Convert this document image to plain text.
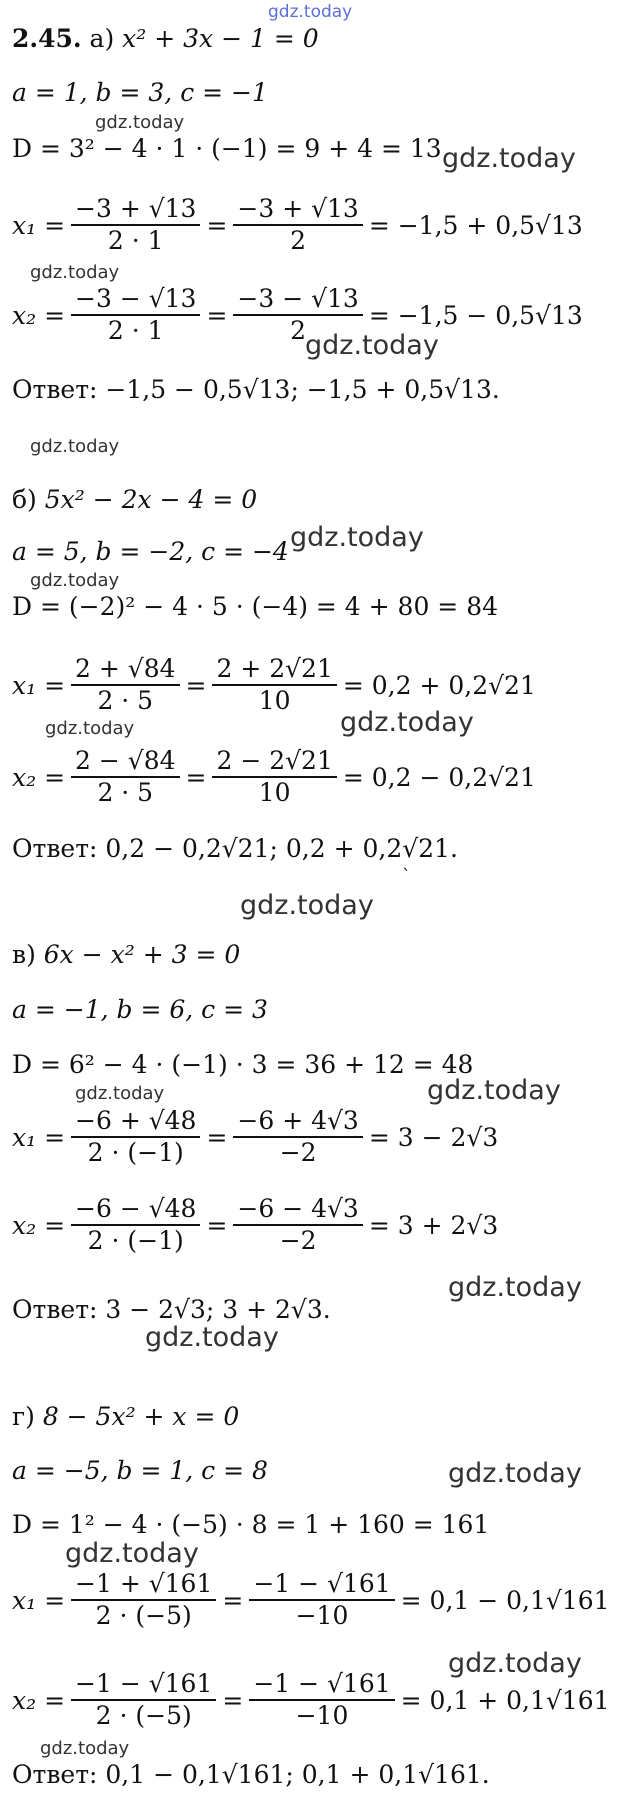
gdz.today
2.45. а) x² + 3x − 1 = 0
a = 1, b = 3, c = −1
gdz.today
D = 3² − 4 · 1 · (−1) = 9 + 4 = 13 gdz.today
$x_1 = \frac{-3 + √13}{2 \cdot 1} = \frac{-3 + √13}{2} = -1,5 + 0,5√13$
gdz.today
$x_2 = \frac{-3 - √13}{2 \cdot 1} = \frac{-3 - √13}{2} = -1,5 - 0,5√13$
gdz.today
Ответ: −1,5 − 0,5√13; −1,5 + 0,5√13.
gdz.today
б) 5x² − 2x − 4 = 0
a = 5, b = −2, c = −4 gdz.today
gdz.today
D = (−2)² − 4 · 5 · (−4) = 4 + 80 = 84
$x_1 = \frac{2 + √84}{2 \cdot 5} = \frac{2 + 2√21}{10} = 0,2 + 0,2√21$
gdz.today	gdz.today
$x_2 = \frac{2 - √84}{2 \cdot 5} = \frac{2 - 2√21}{10} = 0,2 - 0,2√21$
Ответ: 0,2 − 0,2√21; 0,2 + 0,2√21.
`
gdz.today
в) 6x − x² + 3 = 0
a = −1, b = 6, c = 3
D = 6² − 4 · (−1) · 3 = 36 + 12 = 48
gdz.today	gdz.today
$x_1 = \frac{-6 + √48}{2 \cdot (-1)} = \frac{-6 + 4√3}{-2} = 3 - 2√3$
$x_2 = \frac{-6 - √48}{2 \cdot (-1)} = \frac{-6 - 4√3}{-2} = 3 + 2√3$
gdz.today
Ответ: 3 − 2√3; 3 + 2√3.
gdz.today
г) 8 − 5x² + x = 0
a = −5, b = 1, c = 8	gdz.today
D = 1² − 4 · (−5) · 8 = 1 + 160 = 161
gdz.today
$x_1 = \frac{-1 + √161}{2 \cdot (-5)} = \frac{-1 - √161}{-10} = 0,1 - 0,1√161$
gdz.today
$x_2 = \frac{-1 - √161}{2 \cdot (-5)} = \frac{-1 - √161}{-10} = 0,1 + 0,1√161$
gdz.today
Ответ: 0,1 − 0,1√161; 0,1 + 0,1√161.
